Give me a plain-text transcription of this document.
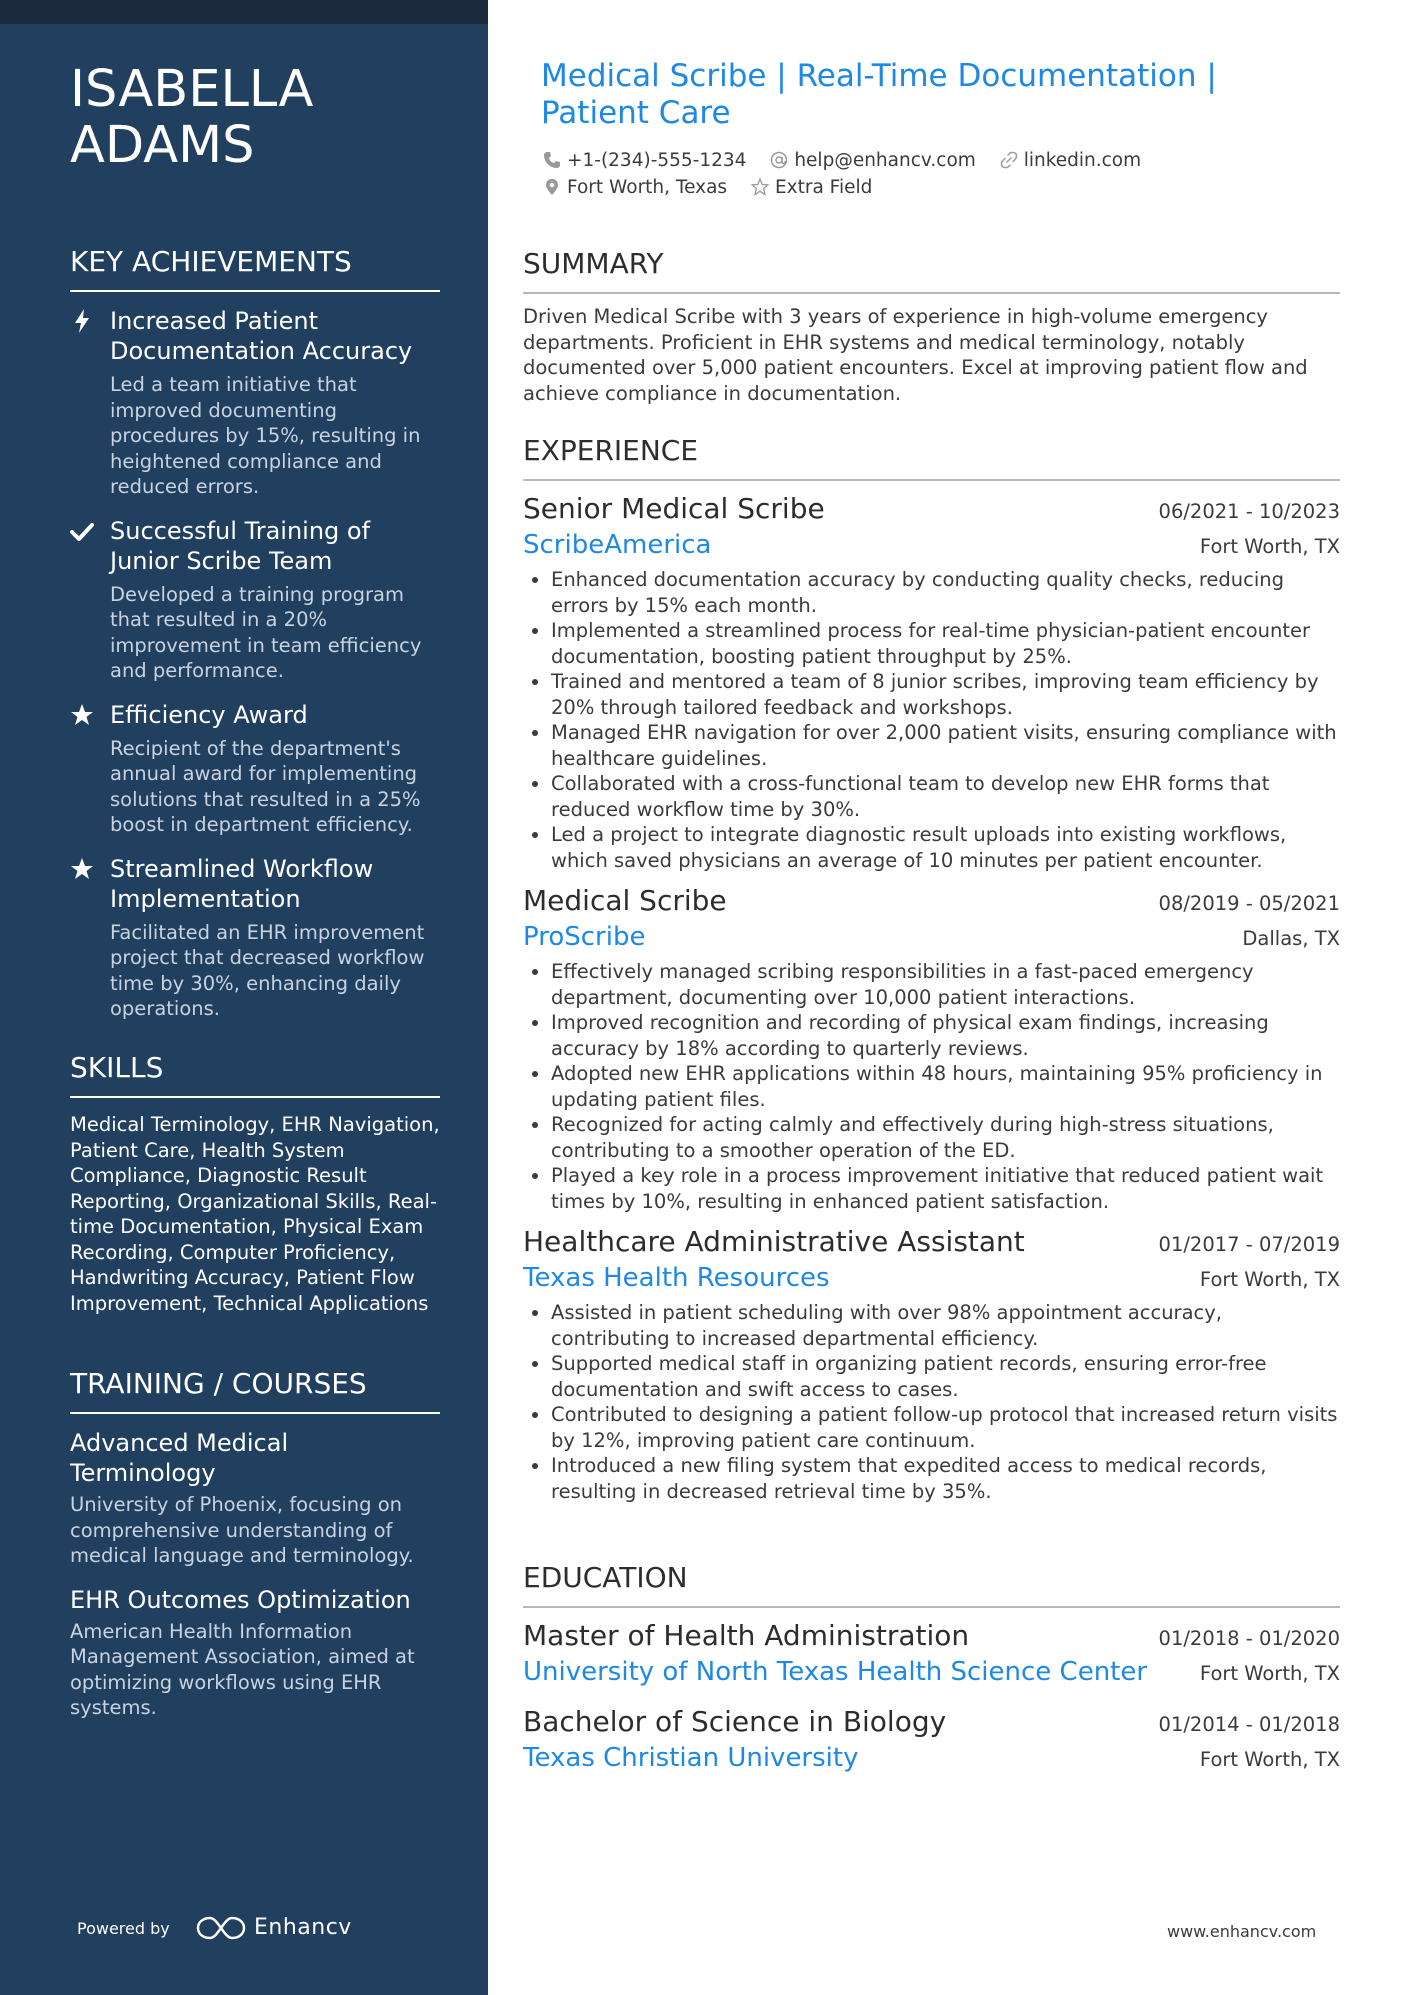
ISABELLA ADAMS
KEY ACHIEVEMENTS
Increased Patient Documentation Accuracy
Led a team initiative that improved documenting procedures by 15%, resulting in heightened compliance and reduced errors.
Successful Training of Junior Scribe Team
Developed a training program that resulted in a 20% improvement in team efficiency and performance.
Efficiency Award
Recipient of the department's annual award for implementing solutions that resulted in a 25% boost in department efficiency.
Streamlined Workflow Implementation
Facilitated an EHR improvement project that decreased workflow time by 30%, enhancing daily operations.
SKILLS
Medical Terminology, EHR Navigation, Patient Care, Health System Compliance, Diagnostic Result Reporting, Organizational Skills, Real-time Documentation, Physical Exam Recording, Computer Proficiency, Handwriting Accuracy, Patient Flow Improvement, Technical Applications
TRAINING / COURSES
Advanced Medical Terminology
University of Phoenix, focusing on comprehensive understanding of medical language and terminology.
EHR Outcomes Optimization
American Health Information Management Association, aimed at optimizing workflows using EHR systems.
Powered by	Enhancv
Medical Scribe | Real-Time Documentation | Patient Care
+1-(234)-555-1234	help@enhancv.com	linkedin.com
Fort Worth, Texas	Extra Field
SUMMARY
Driven Medical Scribe with 3 years of experience in high-volume emergency departments. Proficient in EHR systems and medical terminology, notably documented over 5,000 patient encounters. Excel at improving patient flow and achieve compliance in documentation.
EXPERIENCE
Senior Medical Scribe	06/2021 - 10/2023
ScribeAmerica	Fort Worth, TX
• Enhanced documentation accuracy by conducting quality checks, reducing errors by 15% each month.
• Implemented a streamlined process for real-time physician-patient encounter documentation, boosting patient throughput by 25%.
• Trained and mentored a team of 8 junior scribes, improving team efficiency by 20% through tailored feedback and workshops.
• Managed EHR navigation for over 2,000 patient visits, ensuring compliance with healthcare guidelines.
• Collaborated with a cross-functional team to develop new EHR forms that reduced workflow time by 30%.
• Led a project to integrate diagnostic result uploads into existing workflows, which saved physicians an average of 10 minutes per patient encounter.
Medical Scribe	08/2019 - 05/2021
ProScribe	Dallas, TX
• Effectively managed scribing responsibilities in a fast-paced emergency department, documenting over 10,000 patient interactions.
• Improved recognition and recording of physical exam findings, increasing accuracy by 18% according to quarterly reviews.
• Adopted new EHR applications within 48 hours, maintaining 95% proficiency in updating patient files.
• Recognized for acting calmly and effectively during high-stress situations, contributing to a smoother operation of the ED.
• Played a key role in a process improvement initiative that reduced patient wait times by 10%, resulting in enhanced patient satisfaction.
Healthcare Administrative Assistant	01/2017 - 07/2019
Texas Health Resources	Fort Worth, TX
• Assisted in patient scheduling with over 98% appointment accuracy, contributing to increased departmental efficiency.
• Supported medical staff in organizing patient records, ensuring error-free documentation and swift access to cases.
• Contributed to designing a patient follow-up protocol that increased return visits by 12%, improving patient care continuum.
• Introduced a new filing system that expedited access to medical records, resulting in decreased retrieval time by 35%.
EDUCATION
Master of Health Administration	01/2018 - 01/2020
University of North Texas Health Science Center	Fort Worth, TX
Bachelor of Science in Biology	01/2014 - 01/2018
Texas Christian University	Fort Worth, TX
www.enhancv.com
